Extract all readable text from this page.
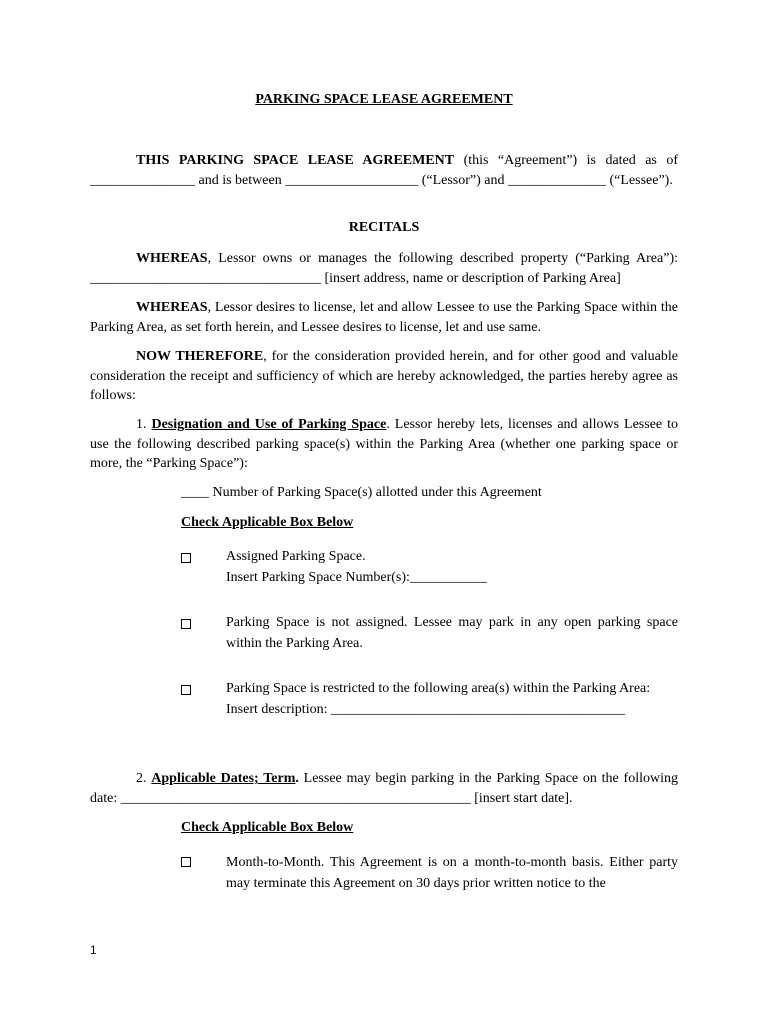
PARKING SPACE LEASE AGREEMENT
THIS PARKING SPACE LEASE AGREEMENT (this “Agreement”) is dated as of _______________ and is between ___________________ (“Lessor”) and ______________ (“Lessee”).
RECITALS
WHEREAS, Lessor owns or manages the following described property (“Parking Area”): _________________________________ [insert address, name or description of Parking Area]
WHEREAS, Lessor desires to license, let and allow Lessee to use the Parking Space within the Parking Area, as set forth herein, and Lessee desires to license, let and use same.
NOW THEREFORE, for the consideration provided herein, and for other good and valuable consideration the receipt and sufficiency of which are hereby acknowledged, the parties hereby agree as follows:
1. Designation and Use of Parking Space. Lessor hereby lets, licenses and allows Lessee to use the following described parking space(s) within the Parking Area (whether one parking space or more, the “Parking Space”):
____ Number of Parking Space(s) allotted under this Agreement
Check Applicable Box Below
Assigned Parking Space.
Insert Parking Space Number(s):___________
Parking Space is not assigned. Lessee may park in any open parking space within the Parking Area.
Parking Space is restricted to the following area(s) within the Parking Area:
Insert description: __________________________________________
2. Applicable Dates; Term. Lessee may begin parking in the Parking Space on the following date: __________________________________________________ [insert start date].
Check Applicable Box Below
Month-to-Month. This Agreement is on a month-to-month basis. Either party may terminate this Agreement on 30 days prior written notice to the
1
